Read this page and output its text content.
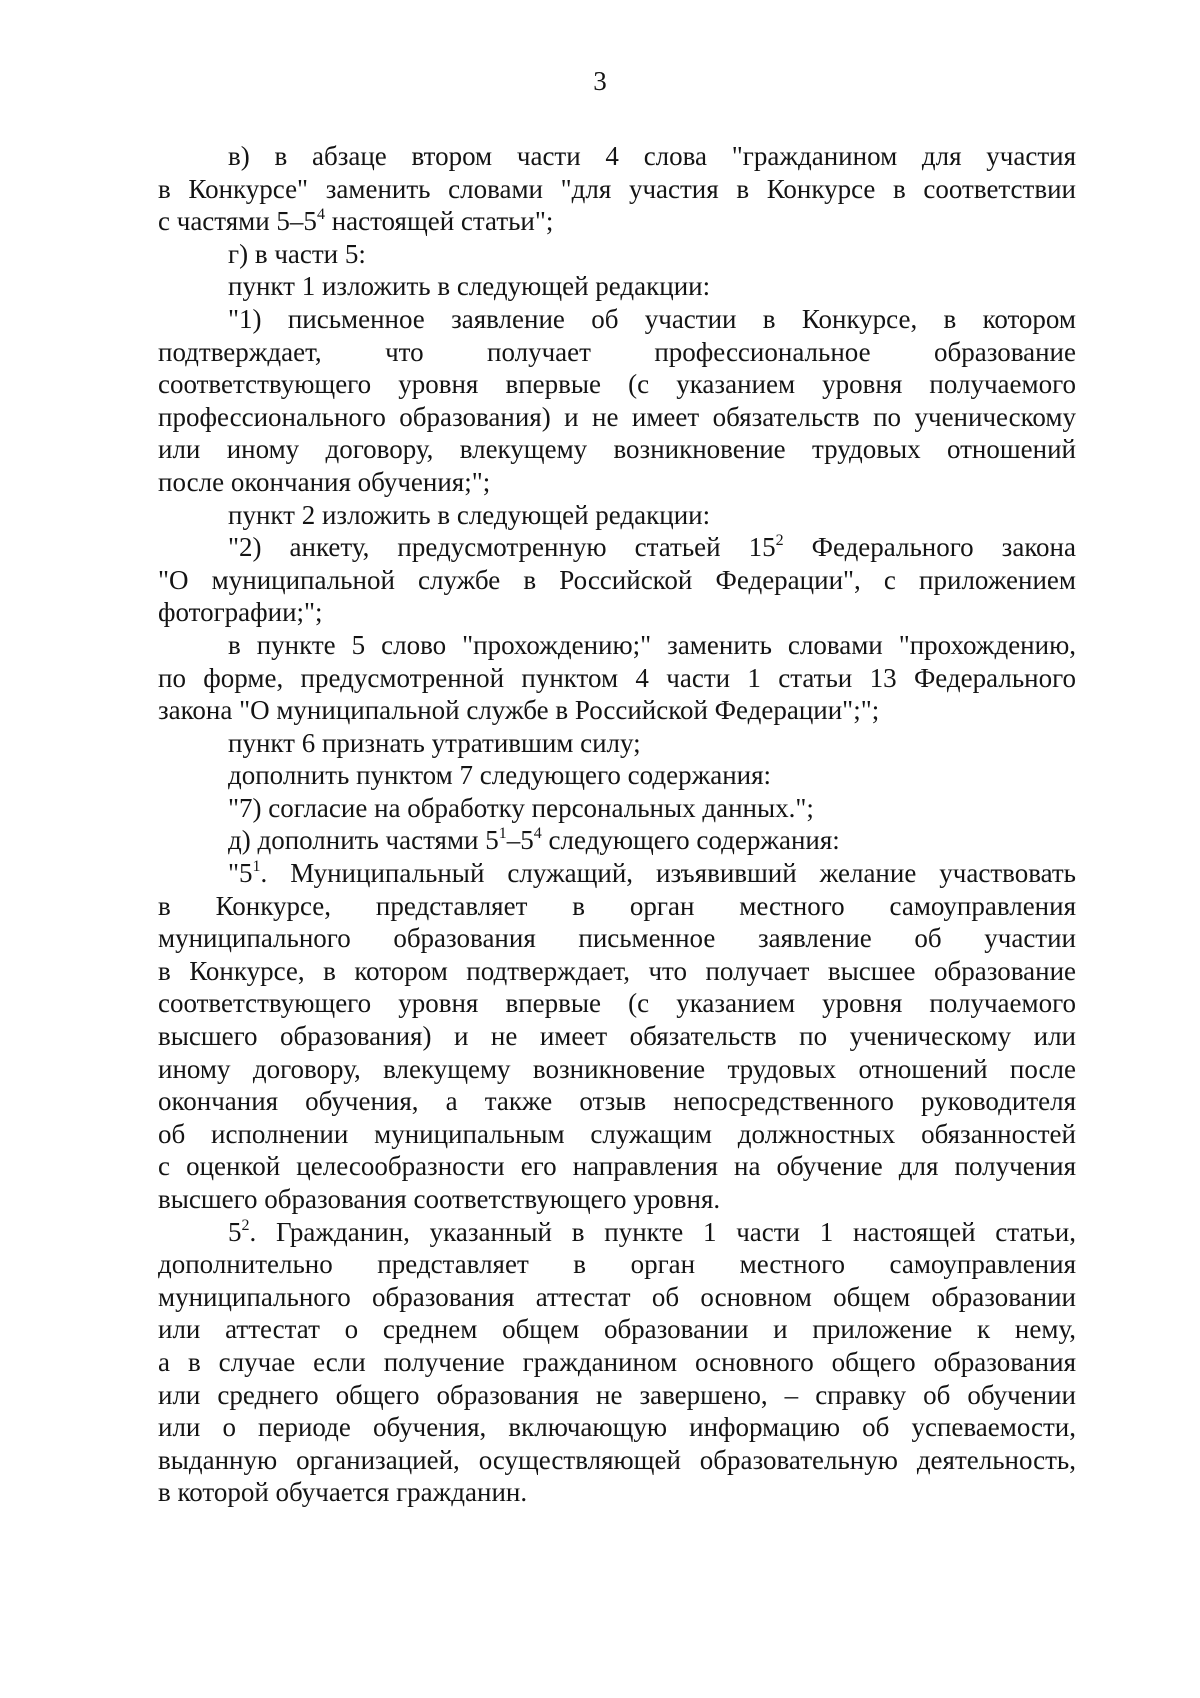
3
в) в абзаце втором части 4 слова "гражданином для участия
в Конкурсе" заменить словами "для участия в Конкурсе в соответствии
с частями $5-5^4$ настоящей статьи";
г) в части 5:
пункт 1 изложить в следующей редакции:
"1) письменное заявление об участии в Конкурсе, в котором
подтверждает, что получает профессиональное образование
соответствующего уровня впервые (с указанием уровня получаемого
профессионального образования) и не имеет обязательств по ученическому
или иному договору, влекущему возникновение трудовых отношений
после окончания обучения;";
пункт 2 изложить в следующей редакции:
"2) анкету, предусмотренную статьей $15^2$ Федерального закона
"О муниципальной службе в Российской Федерации", с приложением
фотографии;";
в пункте 5 слово "прохождению;" заменить словами "прохождению,
по форме, предусмотренной пунктом 4 части 1 статьи 13 Федерального
закона "О муниципальной службе в Российской Федерации";";
пункт 6 признать утратившим силу;
дополнить пунктом 7 следующего содержания:
"7) согласие на обработку персональных данных.";
д) дополнить частями $5^1-5^4$ следующего содержания:
"$5^1$. Муниципальный служащий, изъявивший желание участвовать
в Конкурсе, представляет в орган местного самоуправления
муниципального образования письменное заявление об участии
в Конкурсе, в котором подтверждает, что получает высшее образование
соответствующего уровня впервые (с указанием уровня получаемого
высшего образования) и не имеет обязательств по ученическому или
иному договору, влекущему возникновение трудовых отношений после
окончания обучения, а также отзыв непосредственного руководителя
об исполнении муниципальным служащим должностных обязанностей
с оценкой целесообразности его направления на обучение для получения
высшего образования соответствующего уровня.
$5^2$. Гражданин, указанный в пункте 1 части 1 настоящей статьи,
дополнительно представляет в орган местного самоуправления
муниципального образования аттестат об основном общем образовании
или аттестат о среднем общем образовании и приложение к нему,
а в случае если получение гражданином основного общего образования
или среднего общего образования не завершено, – справку об обучении
или о периоде обучения, включающую информацию об успеваемости,
выданную организацией, осуществляющей образовательную деятельность,
в которой обучается гражданин.
